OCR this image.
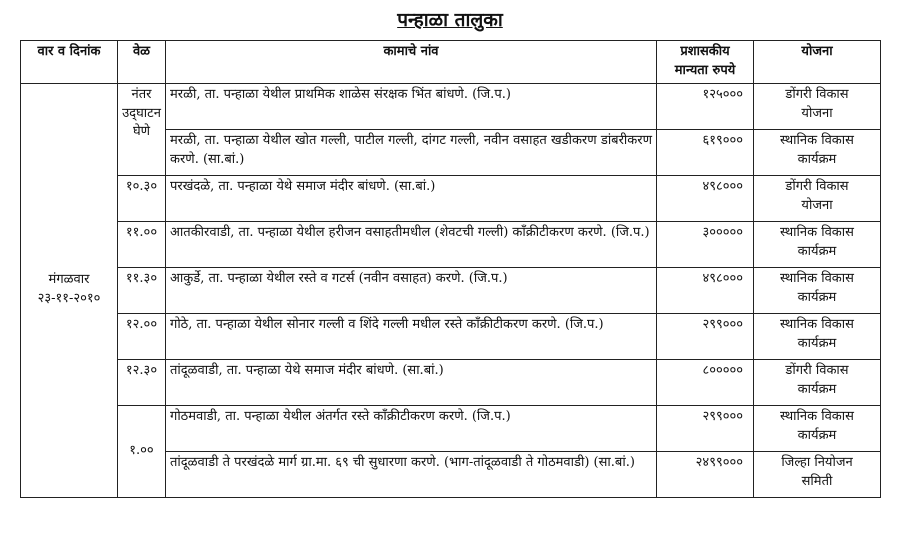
पन्हाळा तालुका
वार व दिनांक	वेळ	कामाचे नांव	प्रशासकीय
मान्यता रुपये	योजना

मंगळवार
२३-११-२०१०	नंतर उद्‌घाटन घेणे	मरळी, ता. पन्हाळा येथील प्राथमिक शाळेस संरक्षक भिंत बांधणे. (जि.प.)	१२५०००	डोंगरी विकास
योजना

		मरळी, ता. पन्हाळा येथील खोत गल्ली, पाटील गल्ली, दांगट गल्ली, नवीन वसाहत खडीकरण डांबरीकरण करणे. (सा.बां.)	६१९०००	स्थानिक विकास
कार्यक्रम

	१०.३०	परखंदळे, ता. पन्हाळा येथे समाज मंदीर बांधणे. (सा.बां.)	४९८०००	डोंगरी विकास
योजना

	११.००	आतकीरवाडी, ता. पन्हाळा येथील हरीजन वसाहतीमधील (शेवटची गल्ली) कॉंक्रीटीकरण करणे. (जि.प.)	३०००००	स्थानिक विकास
कार्यक्रम

	११.३०	आकुर्डे, ता. पन्हाळा येथील रस्ते व गटर्स (नवीन वसाहत) करणे. (जि.प.)	४९८०००	स्थानिक विकास
कार्यक्रम

	१२.००	गोठे, ता. पन्हाळा येथील सोनार गल्ली व शिंदे गल्ली मधील रस्ते कॉंक्रीटीकरण करणे. (जि.प.)	२९९०००	स्थानिक विकास
कार्यक्रम

	१२.३०	तांदूळवाडी, ता. पन्हाळा येथे समाज मंदीर बांधणे. (सा.बां.)	८०००००	डोंगरी विकास
कार्यक्रम

	१.००	गोठमवाडी, ता. पन्हाळा येथील अंतर्गत रस्ते कॉंक्रीटीकरण करणे. (जि.प.)	२९९०००	स्थानिक विकास
कार्यक्रम

		तांदूळवाडी ते परखंदळे मार्ग ग्रा.मा. ६९ ची सुधारणा करणे. (भाग-तांदूळवाडी ते गोठमवाडी) (सा.बां.)	२४९९०००	जिल्हा नियोजन
समिती
